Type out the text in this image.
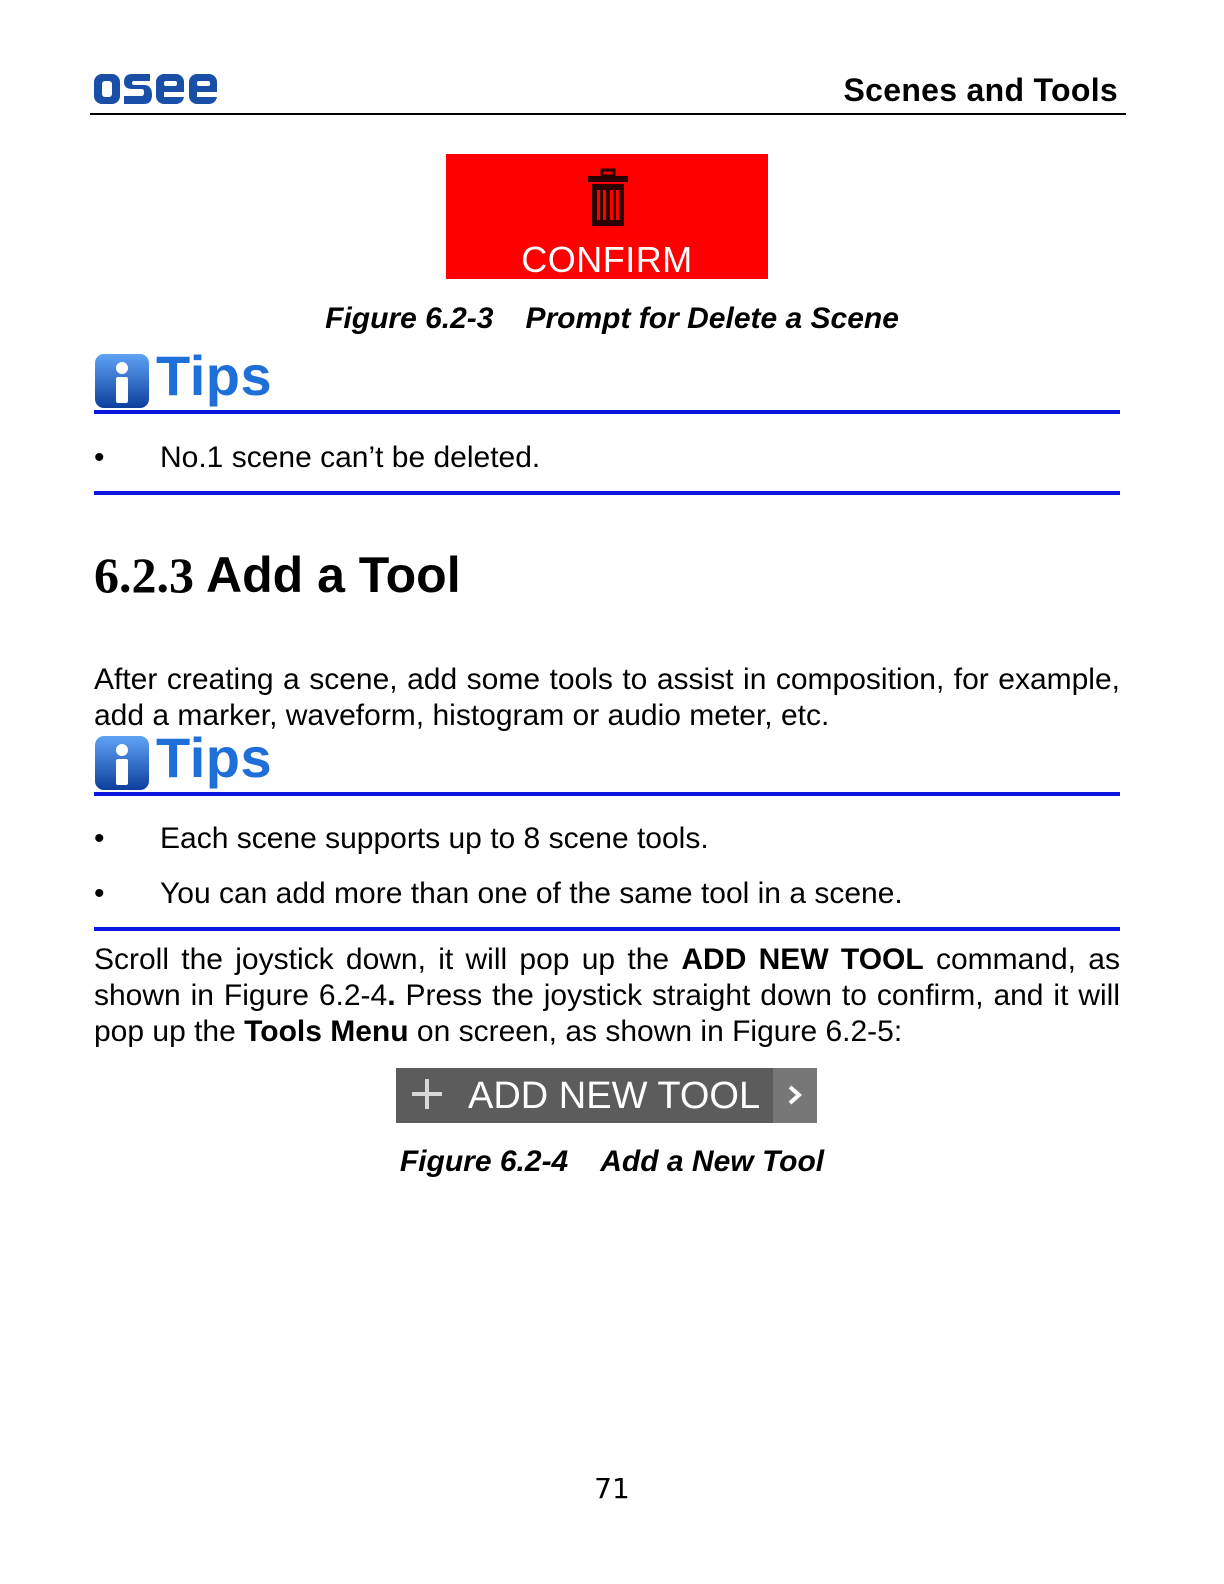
Scenes and Tools
CONFIRM
Figure 6.2-3 Prompt for Delete a Scene
Tips
•	No.1 scene can’t be deleted.
6.2.3 Add a Tool
After creating a scene, add some tools to assist in composition, for example, add a marker, waveform, histogram or audio meter, etc.
Tips
•	Each scene supports up to 8 scene tools.
•	You can add more than one of the same tool in a scene.
Scroll the joystick down, it will pop up the ADD NEW TOOL command, as shown in Figure 6.2-4. Press the joystick straight down to confirm, and it will pop up the Tools Menu on screen, as shown in Figure 6.2-5:
ADD NEW TOOL
Figure 6.2-4 Add a New Tool
71
